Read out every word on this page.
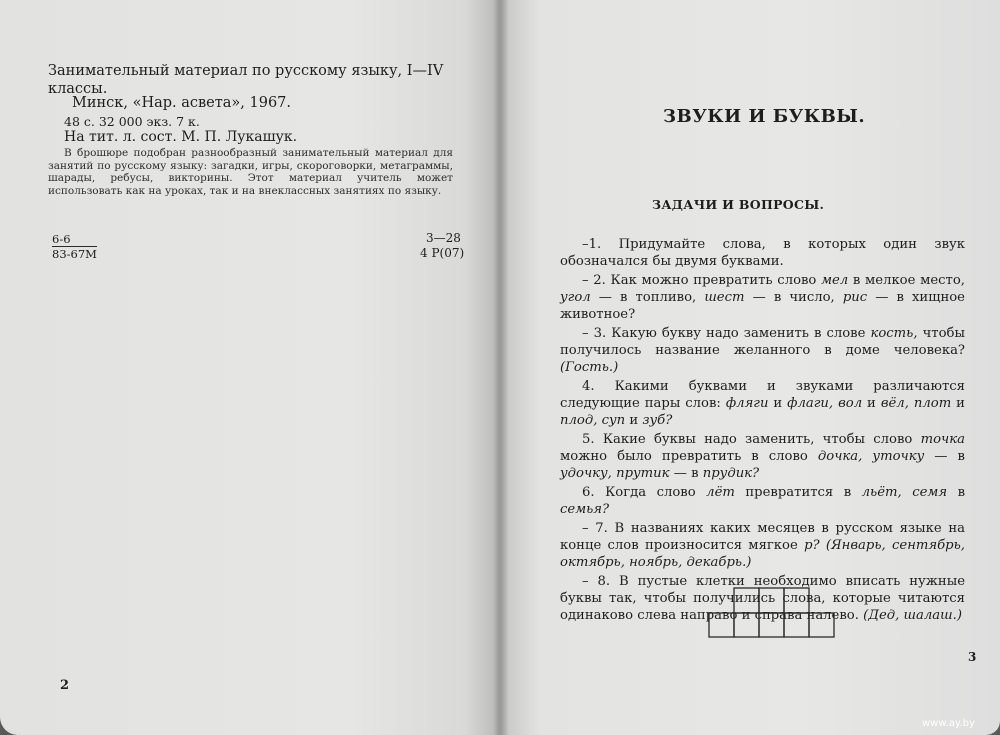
Занимательный материал по русскому языку, I—IV классы.

Минск, «Нар. асвета», 1967.

48 с. 32 000 экз. 7 к.

На тит. л. сост. М. П. Лукашук.

В брошюре подобран разнообразный занимательный материал для занятий по русскому языку: загадки, игры, скороговорки, метаграммы, шарады, ребусы, викторины. Этот материал учитель может использовать как на уроках, так и на внеклассных занятиях по языку.

6-6
83-67М
3—28
4 Р(07)
2
ЗВУКИ И БУКВЫ.
ЗАДАЧИ И ВОПРОСЫ.

–1. Придумайте слова, в которых один звук обозначался бы двумя буквами.

– 2. Как можно превратить слово мел в мелкое место, угол — в топливо, шест — в число, рис — в хищное животное?

– 3. Какую букву надо заменить в слове кость, чтобы получилось название желанного в доме человека? (Гость.)

4. Какими буквами и звуками различаются следующие пары слов: фляги и флаги, вол и вёл, плот и плод, суп и зуб?

5. Какие буквы надо заменить, чтобы слово точка можно было превратить в слово дочка, уточку — в удочку, прутик — в прудик?

6. Когда слово лёт превратится в льёт, семя в семья?

– 7. В названиях каких месяцев в русском языке на конце слов произносится мягкое р? (Январь, сентябрь, октябрь, ноябрь, декабрь.)

– 8. В пустые клетки необходимо вписать нужные буквы так, чтобы получились слова, которые читаются одинаково слева направо и справа налево. (Дед, шалаш.)

3
www.ay.by
